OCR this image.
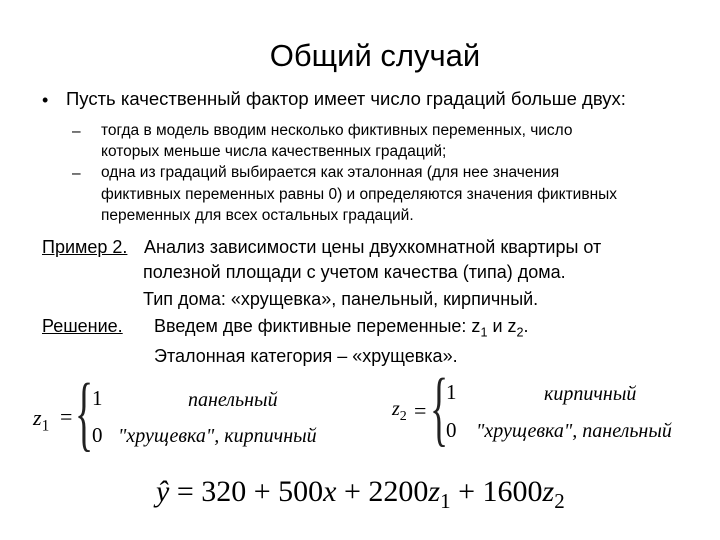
Общий случай
• Пусть качественный фактор имеет число градаций больше двух:
– тогда в модель вводим несколько фиктивных переменных, число
которых меньше числа качественных градаций;
– одна из градаций выбирается как эталонная (для нее значения
фиктивных переменных равны 0) и определяются значения фиктивных
переменных для всех остальных градаций.
Пример 2. Анализ зависимости цены двухкомнатной квартиры от
полезной площади с учетом качества (типа) дома.
Тип дома: «хрущевка», панельный, кирпичный.
Решение. Введем две фиктивные переменные: $z_1$ и $z_2$.
Эталонная категория – «хрущевка».
$z_1$ = {
1	панельный
0 "хрущевка", кирпичный
$z_2$ = {
1	кирпичный
0 "хрущевка", панельный
ŷ = $320 + 500x + 2200z_1 + 1600z_2$
